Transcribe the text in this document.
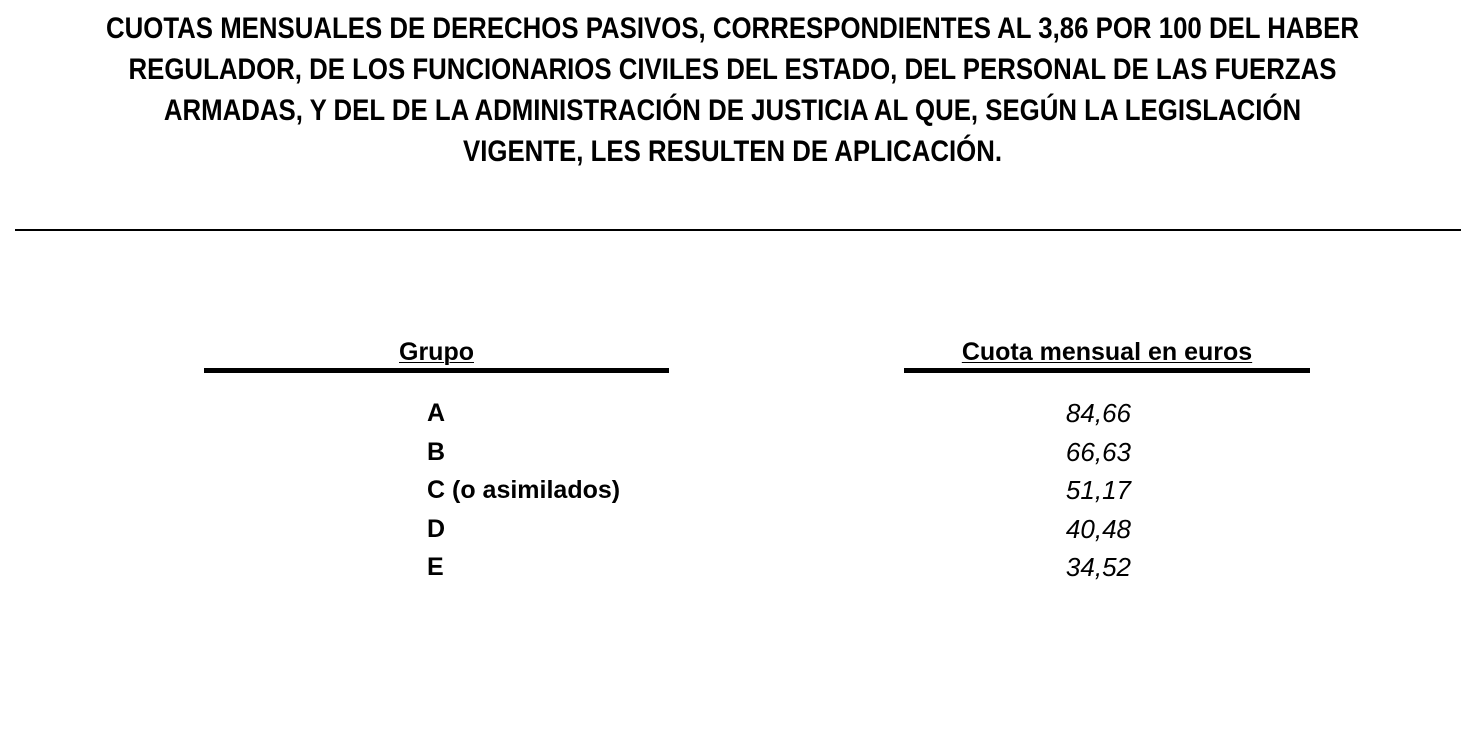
CUOTAS MENSUALES DE DERECHOS PASIVOS, CORRESPONDIENTES AL 3,86 POR 100 DEL HABER REGULADOR, DE LOS FUNCIONARIOS CIVILES DEL ESTADO, DEL PERSONAL DE LAS FUERZAS ARMADAS, Y DEL DE LA ADMINISTRACIÓN DE JUSTICIA AL QUE, SEGÚN LA LEGISLACIÓN VIGENTE, LES RESULTEN DE APLICACIÓN.
Grupo	Cuota mensual en euros
A	84,66
B	66,63
C (o asimilados)	51,17
D	40,48
E	34,52
